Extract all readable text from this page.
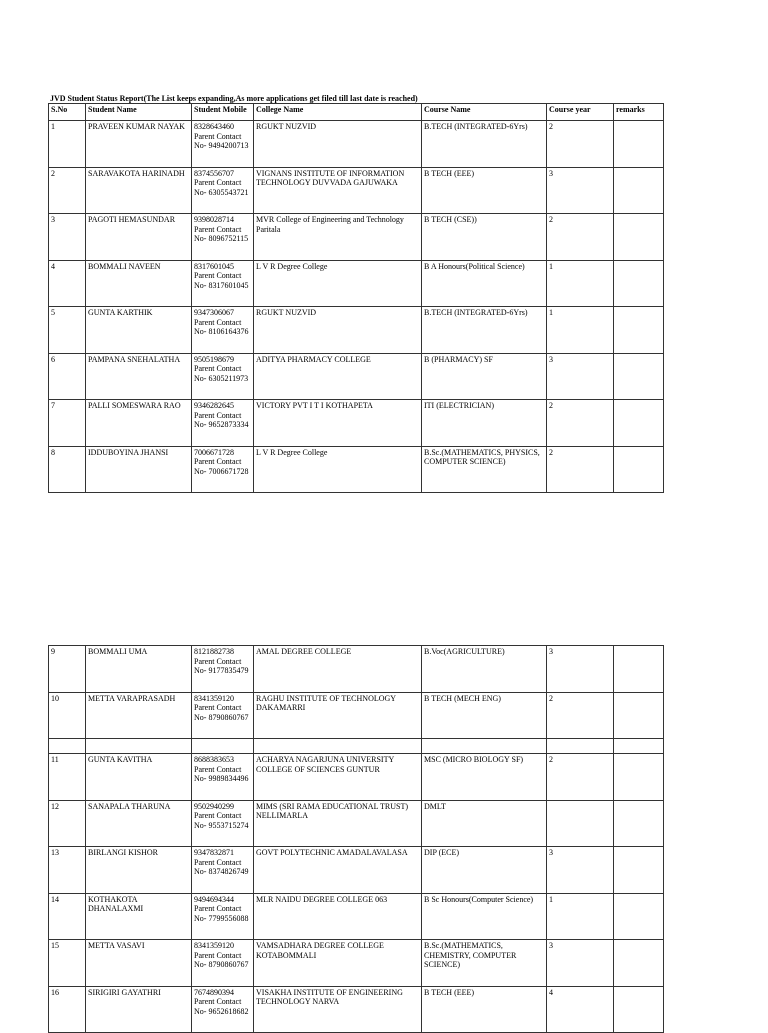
JVD Student Status Report(The List keeps expanding,As more applications get filed till last date is reached)
S.No	Student Name	Student Mobile	College Name	Course Name	Course year	remarks
1	PRAVEEN KUMAR NAYAK	8328643460
Parent Contact
No- 9494200713	RGUKT NUZVID	B.TECH (INTEGRATED-6Yrs)	2	
2	SARAVAKOTA HARINADH	8374556707
Parent Contact
No- 6305543721	VIGNANS INSTITUTE OF INFORMATION TECHNOLOGY DUVVADA GAJUWAKA	B TECH (EEE)	3	
3	PAGOTI HEMASUNDAR	9398028714
Parent Contact
No- 8096752115	MVR College of Engineering and Technology Paritala	B TECH (CSE))	2	
4	BOMMALI NAVEEN	8317601045
Parent Contact
No- 8317601045	L V R Degree College	B A Honours(Political Science)	1	
5	GUNTA KARTHIK	9347306067
Parent Contact
No- 8106164376	RGUKT NUZVID	B.TECH (INTEGRATED-6Yrs)	1	
6	PAMPANA SNEHALATHA	9505198679
Parent Contact
No- 6305211973	ADITYA PHARMACY COLLEGE	B (PHARMACY) SF	3	
7	PALLI SOMESWARA RAO	9346282645
Parent Contact
No- 9652873334	VICTORY PVT I T I KOTHAPETA	ITI (ELECTRICIAN)	2	
8	IDDUBOYINA JHANSI	7006671728
Parent Contact
No- 7006671728	L V R Degree College	B.Sc.(MATHEMATICS, PHYSICS, COMPUTER SCIENCE)	2	
9	BOMMALI UMA	8121882738
Parent Contact
No- 9177835479	AMAL DEGREE COLLEGE	B.Voc(AGRICULTURE)	3	
10	METTA VARAPRASADH	8341359120
Parent Contact
No- 8790860767	RAGHU INSTITUTE OF TECHNOLOGY DAKAMARRI	B TECH (MECH ENG)	2	

11	GUNTA KAVITHA	8688383653
Parent Contact
No- 9989834496	ACHARYA NAGARJUNA UNIVERSITY COLLEGE OF SCIENCES GUNTUR	MSC (MICRO BIOLOGY SF)	2	
12	SANAPALA THARUNA	9502940299
Parent Contact
No- 9553715274	MIMS (SRI RAMA EDUCATIONAL TRUST) NELLIMARLA	DMLT		
13	BIRLANGI KISHOR	9347832871
Parent Contact
No- 8374826749	GOVT POLYTECHNIC AMADALAVALASA	DIP (ECE)	3	
14	KOTHAKOTA DHANALAXMI	9494694344
Parent Contact
No- 7799556088	MLR NAIDU DEGREE COLLEGE 063	B Sc Honours(Computer Science)	1	
15	METTA VASAVI	8341359120
Parent Contact
No- 8790860767	VAMSADHARA DEGREE COLLEGE KOTABOMMALI	B.Sc.(MATHEMATICS, CHEMISTRY, COMPUTER SCIENCE)	3	
16	SIRIGIRI GAYATHRI	7674890394
Parent Contact
No- 9652618682	VISAKHA INSTITUTE OF ENGINEERING TECHNOLOGY NARVA	B TECH (EEE)	4	
